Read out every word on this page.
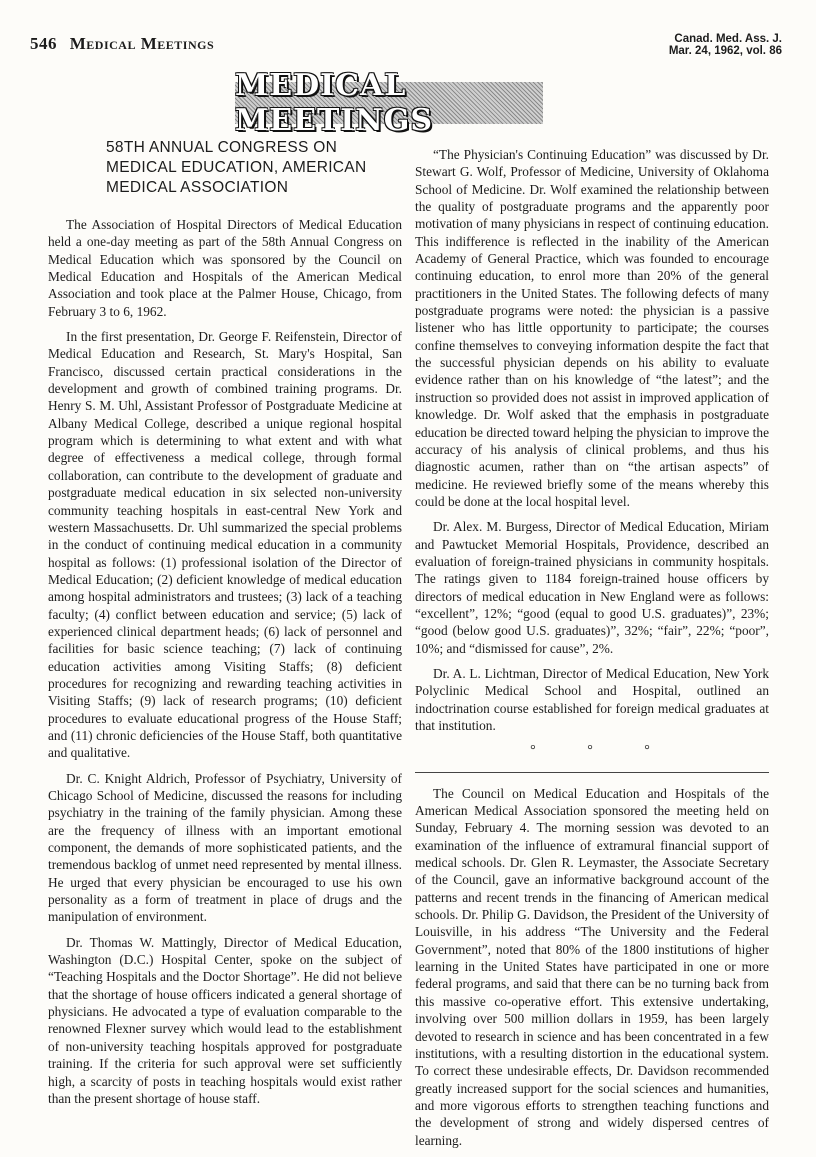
546 Medical Meetings	Canad. Med. Ass. J.
Mar. 24, 1962, vol. 86
MEDICAL MEETINGS
58TH ANNUAL CONGRESS ON MEDICAL EDUCATION, AMERICAN MEDICAL ASSOCIATION

The Association of Hospital Directors of Medical Education held a one-day meeting as part of the 58th Annual Congress on Medical Education which was sponsored by the Council on Medical Education and Hospitals of the American Medical Association and took place at the Palmer House, Chicago, from February 3 to 6, 1962.

In the first presentation, Dr. George F. Reifenstein, Director of Medical Education and Research, St. Mary's Hospital, San Francisco, discussed certain practical considerations in the development and growth of combined training programs. Dr. Henry S. M. Uhl, Assistant Professor of Postgraduate Medicine at Albany Medical College, described a unique regional hospital program which is determining to what extent and with what degree of effectiveness a medical college, through formal collaboration, can contribute to the development of graduate and postgraduate medical education in six selected non-university community teaching hospitals in east-central New York and western Massachusetts. Dr. Uhl summarized the special problems in the conduct of continuing medical education in a community hospital as follows: (1) professional isolation of the Director of Medical Education; (2) deficient knowledge of medical education among hospital administrators and trustees; (3) lack of a teaching faculty; (4) conflict between education and service; (5) lack of experienced clinical department heads; (6) lack of personnel and facilities for basic science teaching; (7) lack of continuing education activities among Visiting Staffs; (8) deficient procedures for recognizing and rewarding teaching activities in Visiting Staffs; (9) lack of research programs; (10) deficient procedures to evaluate educational progress of the House Staff; and (11) chronic deficiencies of the House Staff, both quantitative and qualitative.

Dr. C. Knight Aldrich, Professor of Psychiatry, University of Chicago School of Medicine, discussed the reasons for including psychiatry in the training of the family physician. Among these are the frequency of illness with an important emotional component, the demands of more sophisticated patients, and the tremendous backlog of unmet need represented by mental illness. He urged that every physician be encouraged to use his own personality as a form of treatment in place of drugs and the manipulation of environment.

Dr. Thomas W. Mattingly, Director of Medical Education, Washington (D.C.) Hospital Center, spoke on the subject of “Teaching Hospitals and the Doctor Shortage”. He did not believe that the shortage of house officers indicated a general shortage of physicians. He advocated a type of evaluation comparable to the renowned Flexner survey which would lead to the establishment of non-university teaching hospitals approved for postgraduate training. If the criteria for such approval were set sufficiently high, a scarcity of posts in teaching hospitals would exist rather than the present shortage of house staff.

“The Physician's Continuing Education” was discussed by Dr. Stewart G. Wolf, Professor of Medicine, University of Oklahoma School of Medicine. Dr. Wolf examined the relationship between the quality of postgraduate programs and the apparently poor motivation of many physicians in respect of continuing education. This indifference is reflected in the inability of the American Academy of General Practice, which was founded to encourage continuing education, to enrol more than 20% of the general practitioners in the United States. The following defects of many postgraduate programs were noted: the physician is a passive listener who has little opportunity to participate; the courses confine themselves to conveying information despite the fact that the successful physician depends on his ability to evaluate evidence rather than on his knowledge of “the latest”; and the instruction so provided does not assist in improved application of knowledge. Dr. Wolf asked that the emphasis in postgraduate education be directed toward helping the physician to improve the accuracy of his analysis of clinical problems, and thus his diagnostic acumen, rather than on “the artisan aspects” of medicine. He reviewed briefly some of the means whereby this could be done at the local hospital level.

Dr. Alex. M. Burgess, Director of Medical Education, Miriam and Pawtucket Memorial Hospitals, Providence, described an evaluation of foreign-trained physicians in community hospitals. The ratings given to 1184 foreign-trained house officers by directors of medical education in New England were as follows: “excellent”, 12%; “good (equal to good U.S. graduates)”, 23%; “good (below good U.S. graduates)”, 32%; “fair”, 22%; “poor”, 10%; and “dismissed for cause”, 2%.

Dr. A. L. Lichtman, Director of Medical Education, New York Polyclinic Medical School and Hospital, outlined an indoctrination course established for foreign medical graduates at that institution.

° ° °

The Council on Medical Education and Hospitals of the American Medical Association sponsored the meeting held on Sunday, February 4. The morning session was devoted to an examination of the influence of extramural financial support of medical schools. Dr. Glen R. Leymaster, the Associate Secretary of the Council, gave an informative background account of the patterns and recent trends in the financing of American medical schools. Dr. Philip G. Davidson, the President of the University of Louisville, in his address “The University and the Federal Government”, noted that 80% of the 1800 institutions of higher learning in the United States have participated in one or more federal programs, and said that there can be no turning back from this massive co-operative effort. This extensive undertaking, involving over 500 million dollars in 1959, has been largely devoted to research in science and has been concentrated in a few institutions, with a resulting distortion in the educational system. To correct these undesirable effects, Dr. Davidson recommended greatly increased support for the social sciences and humanities, and more vigorous efforts to strengthen teaching functions and the development of strong and widely dispersed centres of learning.
